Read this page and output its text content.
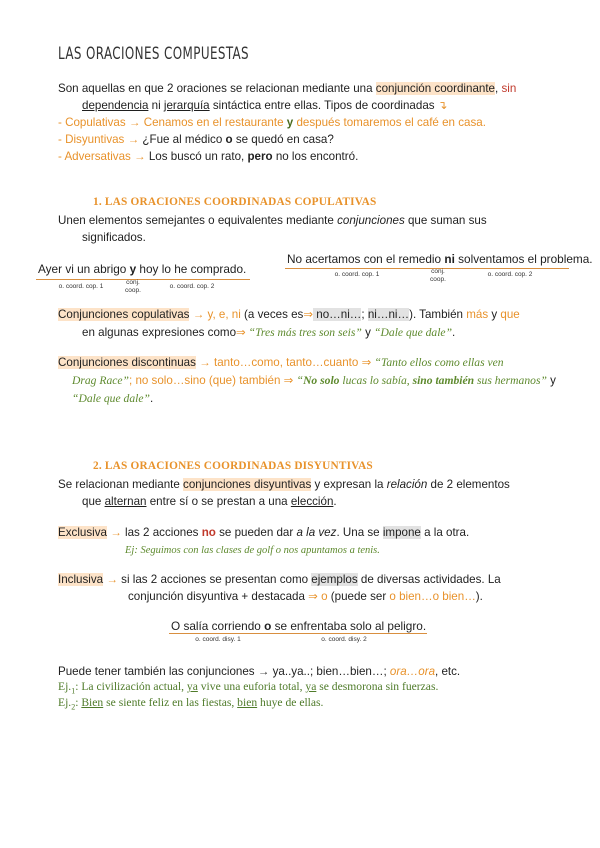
LAS ORACIONES COMPUESTAS
Son aquellas en que 2 oraciones se relacionan mediante una conjunción coordinante, sin
dependencia ni jerarquía sintáctica entre ellas. Tipos de coordinadas ↴
- Copulativas → Cenamos en el restaurante y después tomaremos el café en casa.
- Disyuntivas → ¿Fue al médico o se quedó en casa?
- Adversativas → Los buscó un rato, pero no los encontró.
1. LAS ORACIONES COORDINADAS COPULATIVAS
Unen elementos semejantes o equivalentes mediante conjunciones que suman sus
significados.
Ayer vi un abrigo y hoy lo he comprado.
o. coord. cop. 1
conj. coop.
o. coord. cop. 2
No acertamos con el remedio ni solventamos el problema.
o. coord. cop. 1	conj. coop.
o. coord. cop. 2
Conjunciones copulativas → y, e, ni (a veces es⇒ no…ni…; ni…ni…). También más y que
en algunas expresiones como⇒ “Tres más tres son seis” y “Dale que dale”.
Conjunciones discontinuas → tanto…como, tanto…cuanto ⇒ “Tanto ellos como ellas ven
Drag Race”; no solo…sino (que) también ⇒ “No solo lucas lo sabía, sino también sus hermanos” y
“Dale que dale”.
2. LAS ORACIONES COORDINADAS DISYUNTIVAS
Se relacionan mediante conjunciones disyuntivas y expresan la relación de 2 elementos
que alternan entre sí o se prestan a una elección.
Exclusiva → las 2 acciones no se pueden dar a la vez. Una se impone a la otra.
Ej: Seguimos con las clases de golf o nos apuntamos a tenis.
Inclusiva → si las 2 acciones se presentan como ejemplos de diversas actividades. La
conjunción disyuntiva + destacada ⇒ o (puede ser o bien…o bien…).
O salía corriendo o se enfrentaba solo al peligro.
o. coord. disy. 1	o. coord. disy. 2
Puede tener también las conjunciones → ya..ya..; bien…bien…; ora…ora, etc.
$Ej._1$: La civilización actual, ya vive una euforia total, ya se desmorona sin fuerzas.
$Ej._2$: Bien se siente feliz en las fiestas, bien huye de ellas.
